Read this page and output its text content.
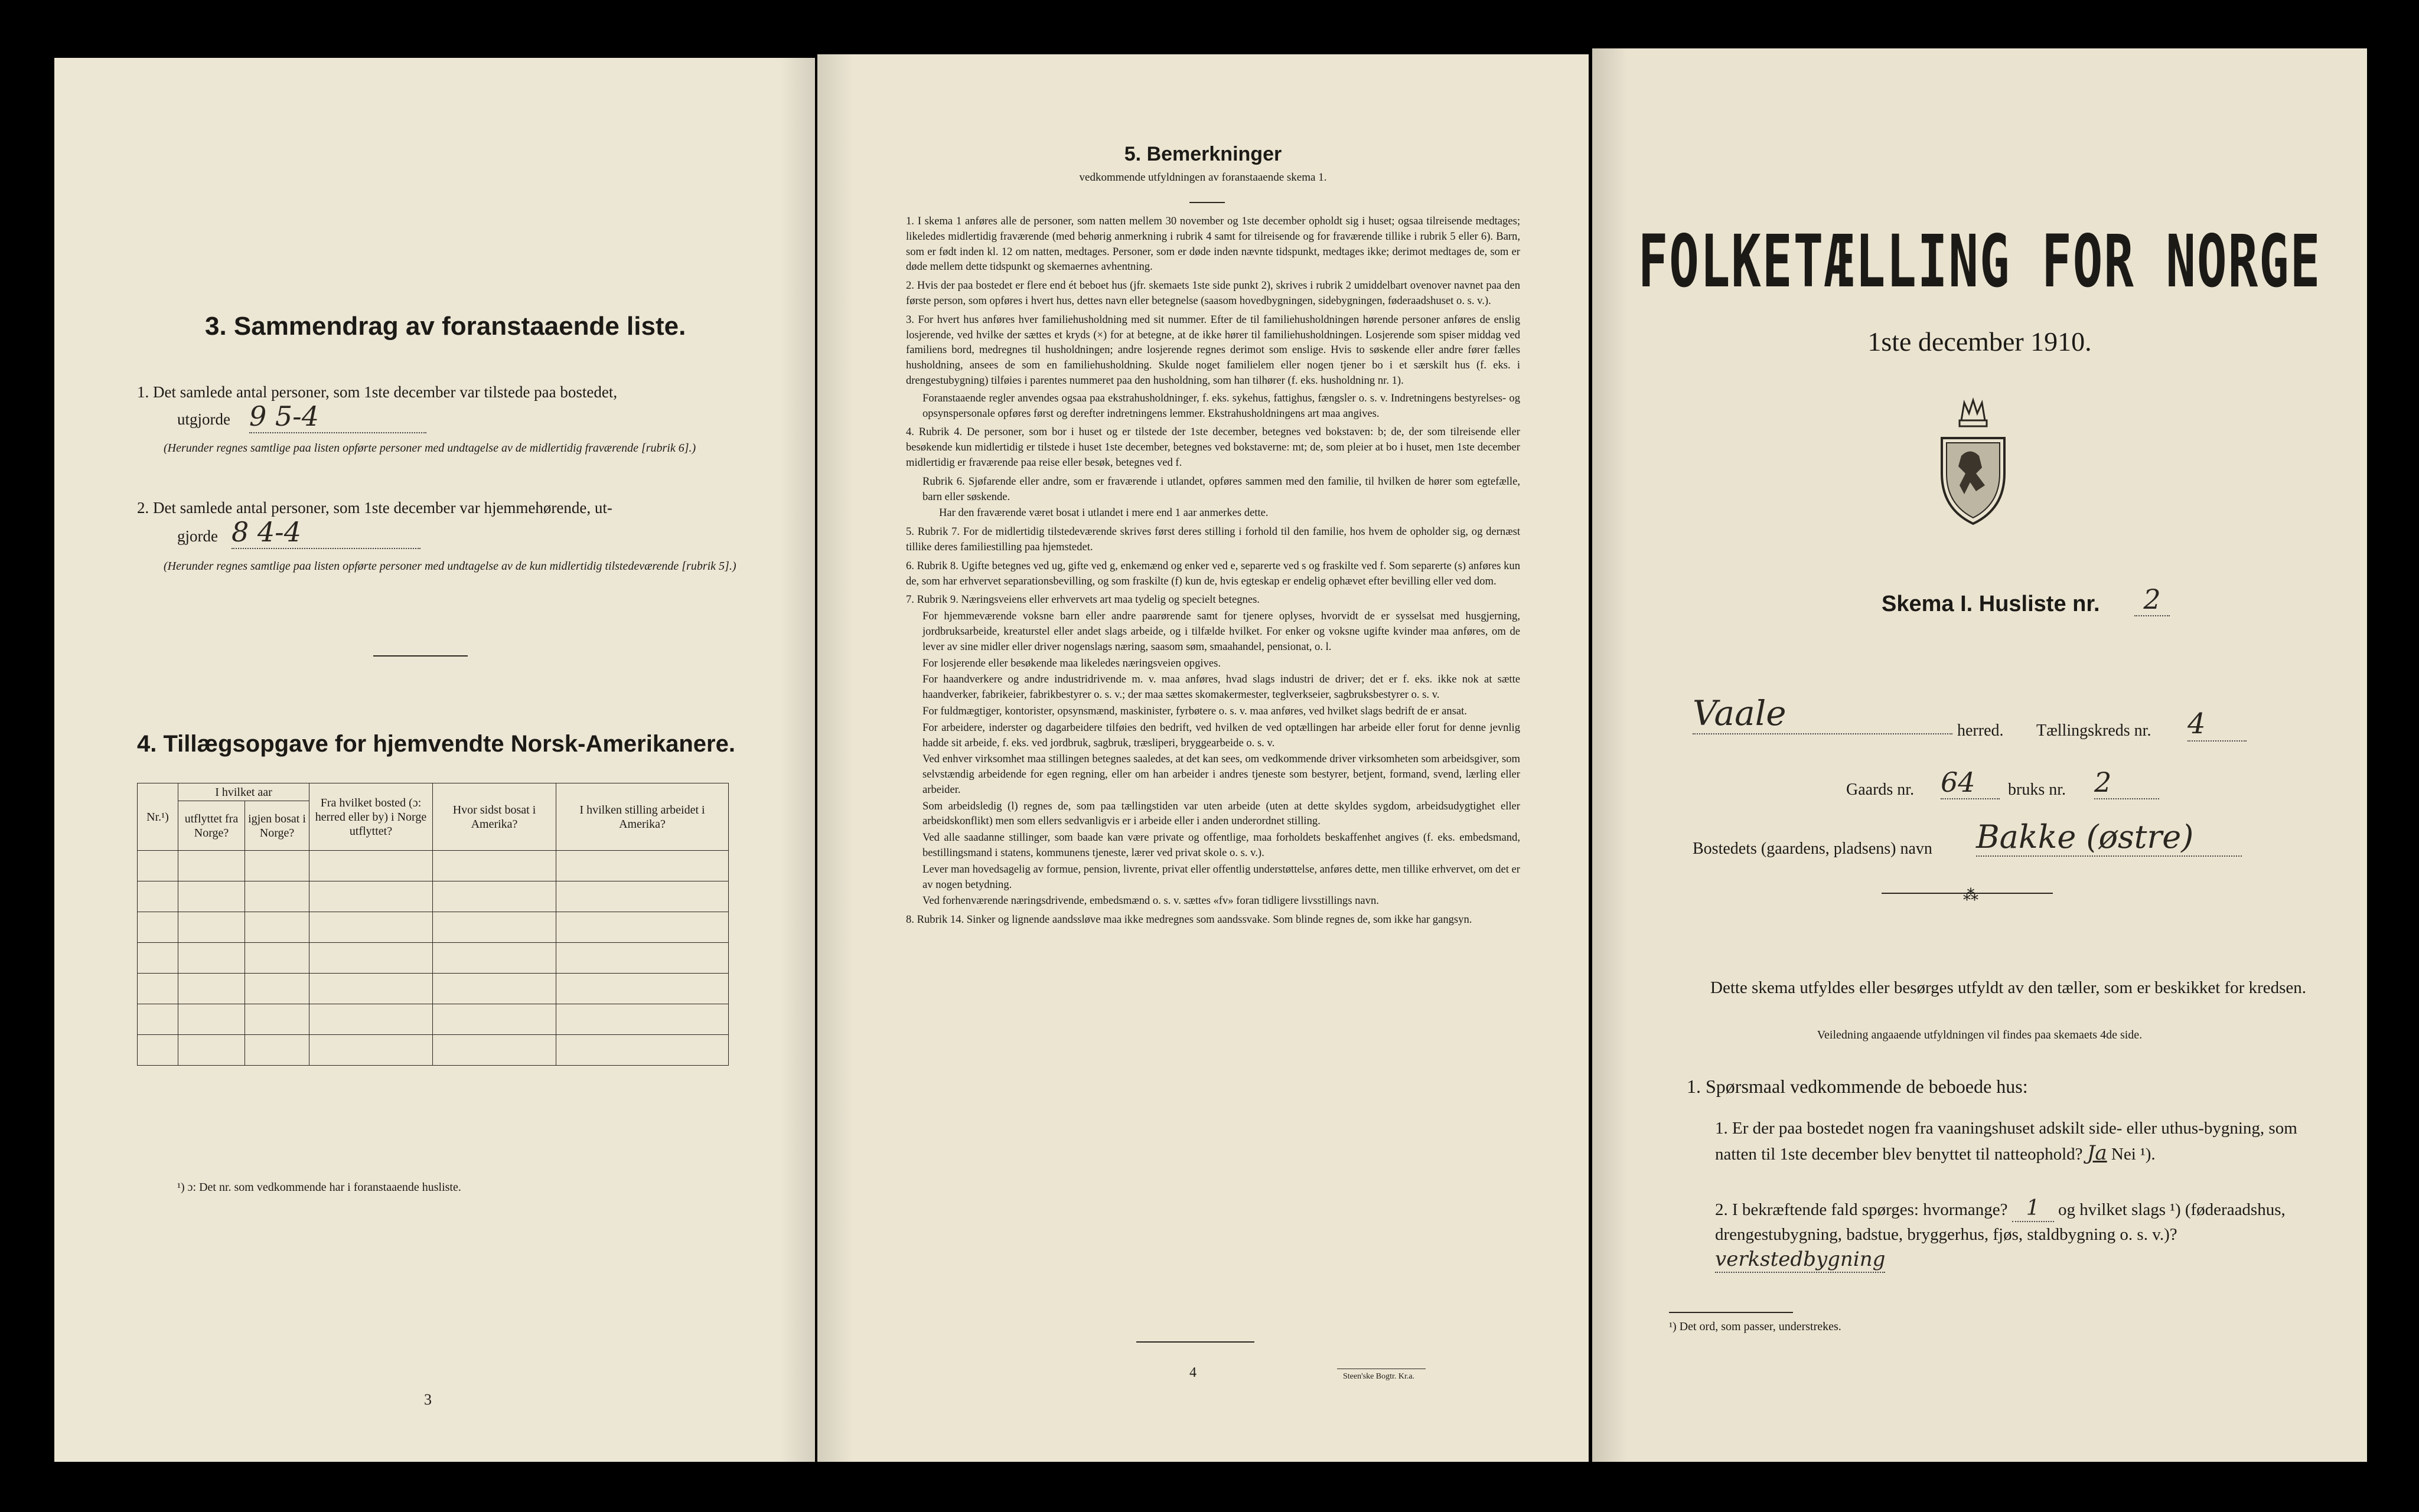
3. Sammendrag av foranstaaende liste.
1. Det samlede antal personer, som 1ste december var tilstede paa bostedet,
utgjorde 9 5-4
(Herunder regnes samtlige paa listen opførte personer med undtagelse av de midlertidig fraværende [rubrik 6].)
2. Det samlede antal personer, som 1ste december var hjemmehørende, ut-
gjorde 8 4-4
(Herunder regnes samtlige paa listen opførte personer med undtagelse av de kun midlertidig tilstedeværende [rubrik 5].)
4. Tillægsopgave for hjemvendte Norsk-Amerikanere.
Nr.¹)	I hvilket aar		Fra hvilket bosted (ɔ: herred eller by) i Norge utflyttet?	Hvor sidst bosat i Amerika?	I hvilken stilling arbeidet i Amerika?
	utflyttet fra Norge?	igjen bosat i Norge?			

¹) ɔ: Det nr. som vedkommende har i foranstaaende husliste.
3
5. Bemerkninger
vedkommende utfyldningen av foranstaaende skema 1.

1. I skema 1 anføres alle de personer, som natten mellem 30 november og 1ste december opholdt sig i huset; ogsaa tilreisende medtages; likeledes midlertidig fraværende (med behørig anmerkning i rubrik 4 samt for tilreisende og for fraværende tillike i rubrik 5 eller 6). Barn, som er født inden kl. 12 om natten, medtages. Personer, som er døde inden nævnte tidspunkt, medtages ikke; derimot medtages de, som er døde mellem dette tidspunkt og skemaernes avhentning.

2. Hvis der paa bostedet er flere end ét beboet hus (jfr. skemaets 1ste side punkt 2), skrives i rubrik 2 umiddelbart ovenover navnet paa den første person, som opføres i hvert hus, dettes navn eller betegnelse (saasom hovedbygningen, sidebygningen, føderaadshuset o. s. v.).

3. For hvert hus anføres hver familiehusholdning med sit nummer. Efter de til familiehusholdningen hørende personer anføres de enslig losjerende, ved hvilke der sættes et kryds (×) for at betegne, at de ikke hører til familiehusholdningen. Losjerende som spiser middag ved familiens bord, medregnes til husholdningen; andre losjerende regnes derimot som enslige. Hvis to søskende eller andre fører fælles husholdning, ansees de som en familiehusholdning. Skulde noget familielem eller nogen tjener bo i et særskilt hus (f. eks. i drengestubygning) tilføies i parentes nummeret paa den husholdning, som han tilhører (f. eks. husholdning nr. 1).

Foranstaaende regler anvendes ogsaa paa ekstrahusholdninger, f. eks. sykehus, fattighus, fængsler o. s. v. Indretningens bestyrelses- og opsynspersonale opføres først og derefter indretningens lemmer. Ekstrahusholdningens art maa angives.

4. Rubrik 4. De personer, som bor i huset og er tilstede der 1ste december, betegnes ved bokstaven: b; de, der som tilreisende eller besøkende kun midlertidig er tilstede i huset 1ste december, betegnes ved bokstaverne: mt; de, som pleier at bo i huset, men 1ste december midlertidig er fraværende paa reise eller besøk, betegnes ved f.

Rubrik 6. Sjøfarende eller andre, som er fraværende i utlandet, opføres sammen med den familie, til hvilken de hører som egtefælle, barn eller søskende.

Har den fraværende været bosat i utlandet i mere end 1 aar anmerkes dette.

5. Rubrik 7. For de midlertidig tilstedeværende skrives først deres stilling i forhold til den familie, hos hvem de opholder sig, og dernæst tillike deres familiestilling paa hjemstedet.

6. Rubrik 8. Ugifte betegnes ved ug, gifte ved g, enkemænd og enker ved e, separerte ved s og fraskilte ved f. Som separerte (s) anføres kun de, som har erhvervet separationsbevilling, og som fraskilte (f) kun de, hvis egteskap er endelig ophævet efter bevilling eller ved dom.

7. Rubrik 9. Næringsveiens eller erhvervets art maa tydelig og specielt betegnes.

For hjemmeværende voksne barn eller andre paarørende samt for tjenere oplyses, hvorvidt de er sysselsat med husgjerning, jordbruksarbeide, kreaturstel eller andet slags arbeide, og i tilfælde hvilket. For enker og voksne ugifte kvinder maa anføres, om de lever av sine midler eller driver nogenslags næring, saasom søm, smaahandel, pensionat, o. l.

For losjerende eller besøkende maa likeledes næringsveien opgives.

For haandverkere og andre industridrivende m. v. maa anføres, hvad slags industri de driver; det er f. eks. ikke nok at sætte haandverker, fabrikeier, fabrikbestyrer o. s. v.; der maa sættes skomakermester, teglverkseier, sagbruksbestyrer o. s. v.

For fuldmægtiger, kontorister, opsynsmænd, maskinister, fyrbøtere o. s. v. maa anføres, ved hvilket slags bedrift de er ansat.

For arbeidere, inderster og dagarbeidere tilføies den bedrift, ved hvilken de ved optællingen har arbeide eller forut for denne jevnlig hadde sit arbeide, f. eks. ved jordbruk, sagbruk, træsliperi, bryggearbeide o. s. v.

Ved enhver virksomhet maa stillingen betegnes saaledes, at det kan sees, om vedkommende driver virksomheten som arbeidsgiver, som selvstændig arbeidende for egen regning, eller om han arbeider i andres tjeneste som bestyrer, betjent, formand, svend, lærling eller arbeider.

Som arbeidsledig (l) regnes de, som paa tællingstiden var uten arbeide (uten at dette skyldes sygdom, arbeidsudygtighet eller arbeidskonflikt) men som ellers sedvanligvis er i arbeide eller i anden underordnet stilling.

Ved alle saadanne stillinger, som baade kan være private og offentlige, maa forholdets beskaffenhet angives (f. eks. embedsmand, bestillingsmand i statens, kommunens tjeneste, lærer ved privat skole o. s. v.).

Lever man hovedsagelig av formue, pension, livrente, privat eller offentlig understøttelse, anføres dette, men tillike erhvervet, om det er av nogen betydning.

Ved forhenværende næringsdrivende, embedsmænd o. s. v. sættes «fv» foran tidligere livsstillings navn.

8. Rubrik 14. Sinker og lignende aandssløve maa ikke medregnes som aandssvake. Som blinde regnes de, som ikke har gangsyn.

4	Steen'ske Bogtr. Kr.a.
FOLKETÆLLING FOR NORGE
1ste december 1910.
Skema I. Husliste nr.	2
Vaale	herred. Tællingskreds nr. 4
Gaards nr. 64	bruks nr. 2
Bostedets (gaardens, pladsens) navn Bakke (østre)
⁂
Dette skema utfyldes eller besørges utfyldt av den tæller, som er beskikket for kredsen.
Veiledning angaaende utfyldningen vil findes paa skemaets 4de side.
1. Spørsmaal vedkommende de beboede hus:
1. Er der paa bostedet nogen fra vaaningshuset adskilt side- eller uthus-bygning, som natten til 1ste december blev benyttet til natteophold? Ja Nei ¹).
2. I bekræftende fald spørges: hvormange? 1 og hvilket slags ¹) (føderaadshus, drengestubygning, badstue, bryggerhus, fjøs, staldbygning o. s. v.)? verkstedbygning
¹) Det ord, som passer, understrekes.
